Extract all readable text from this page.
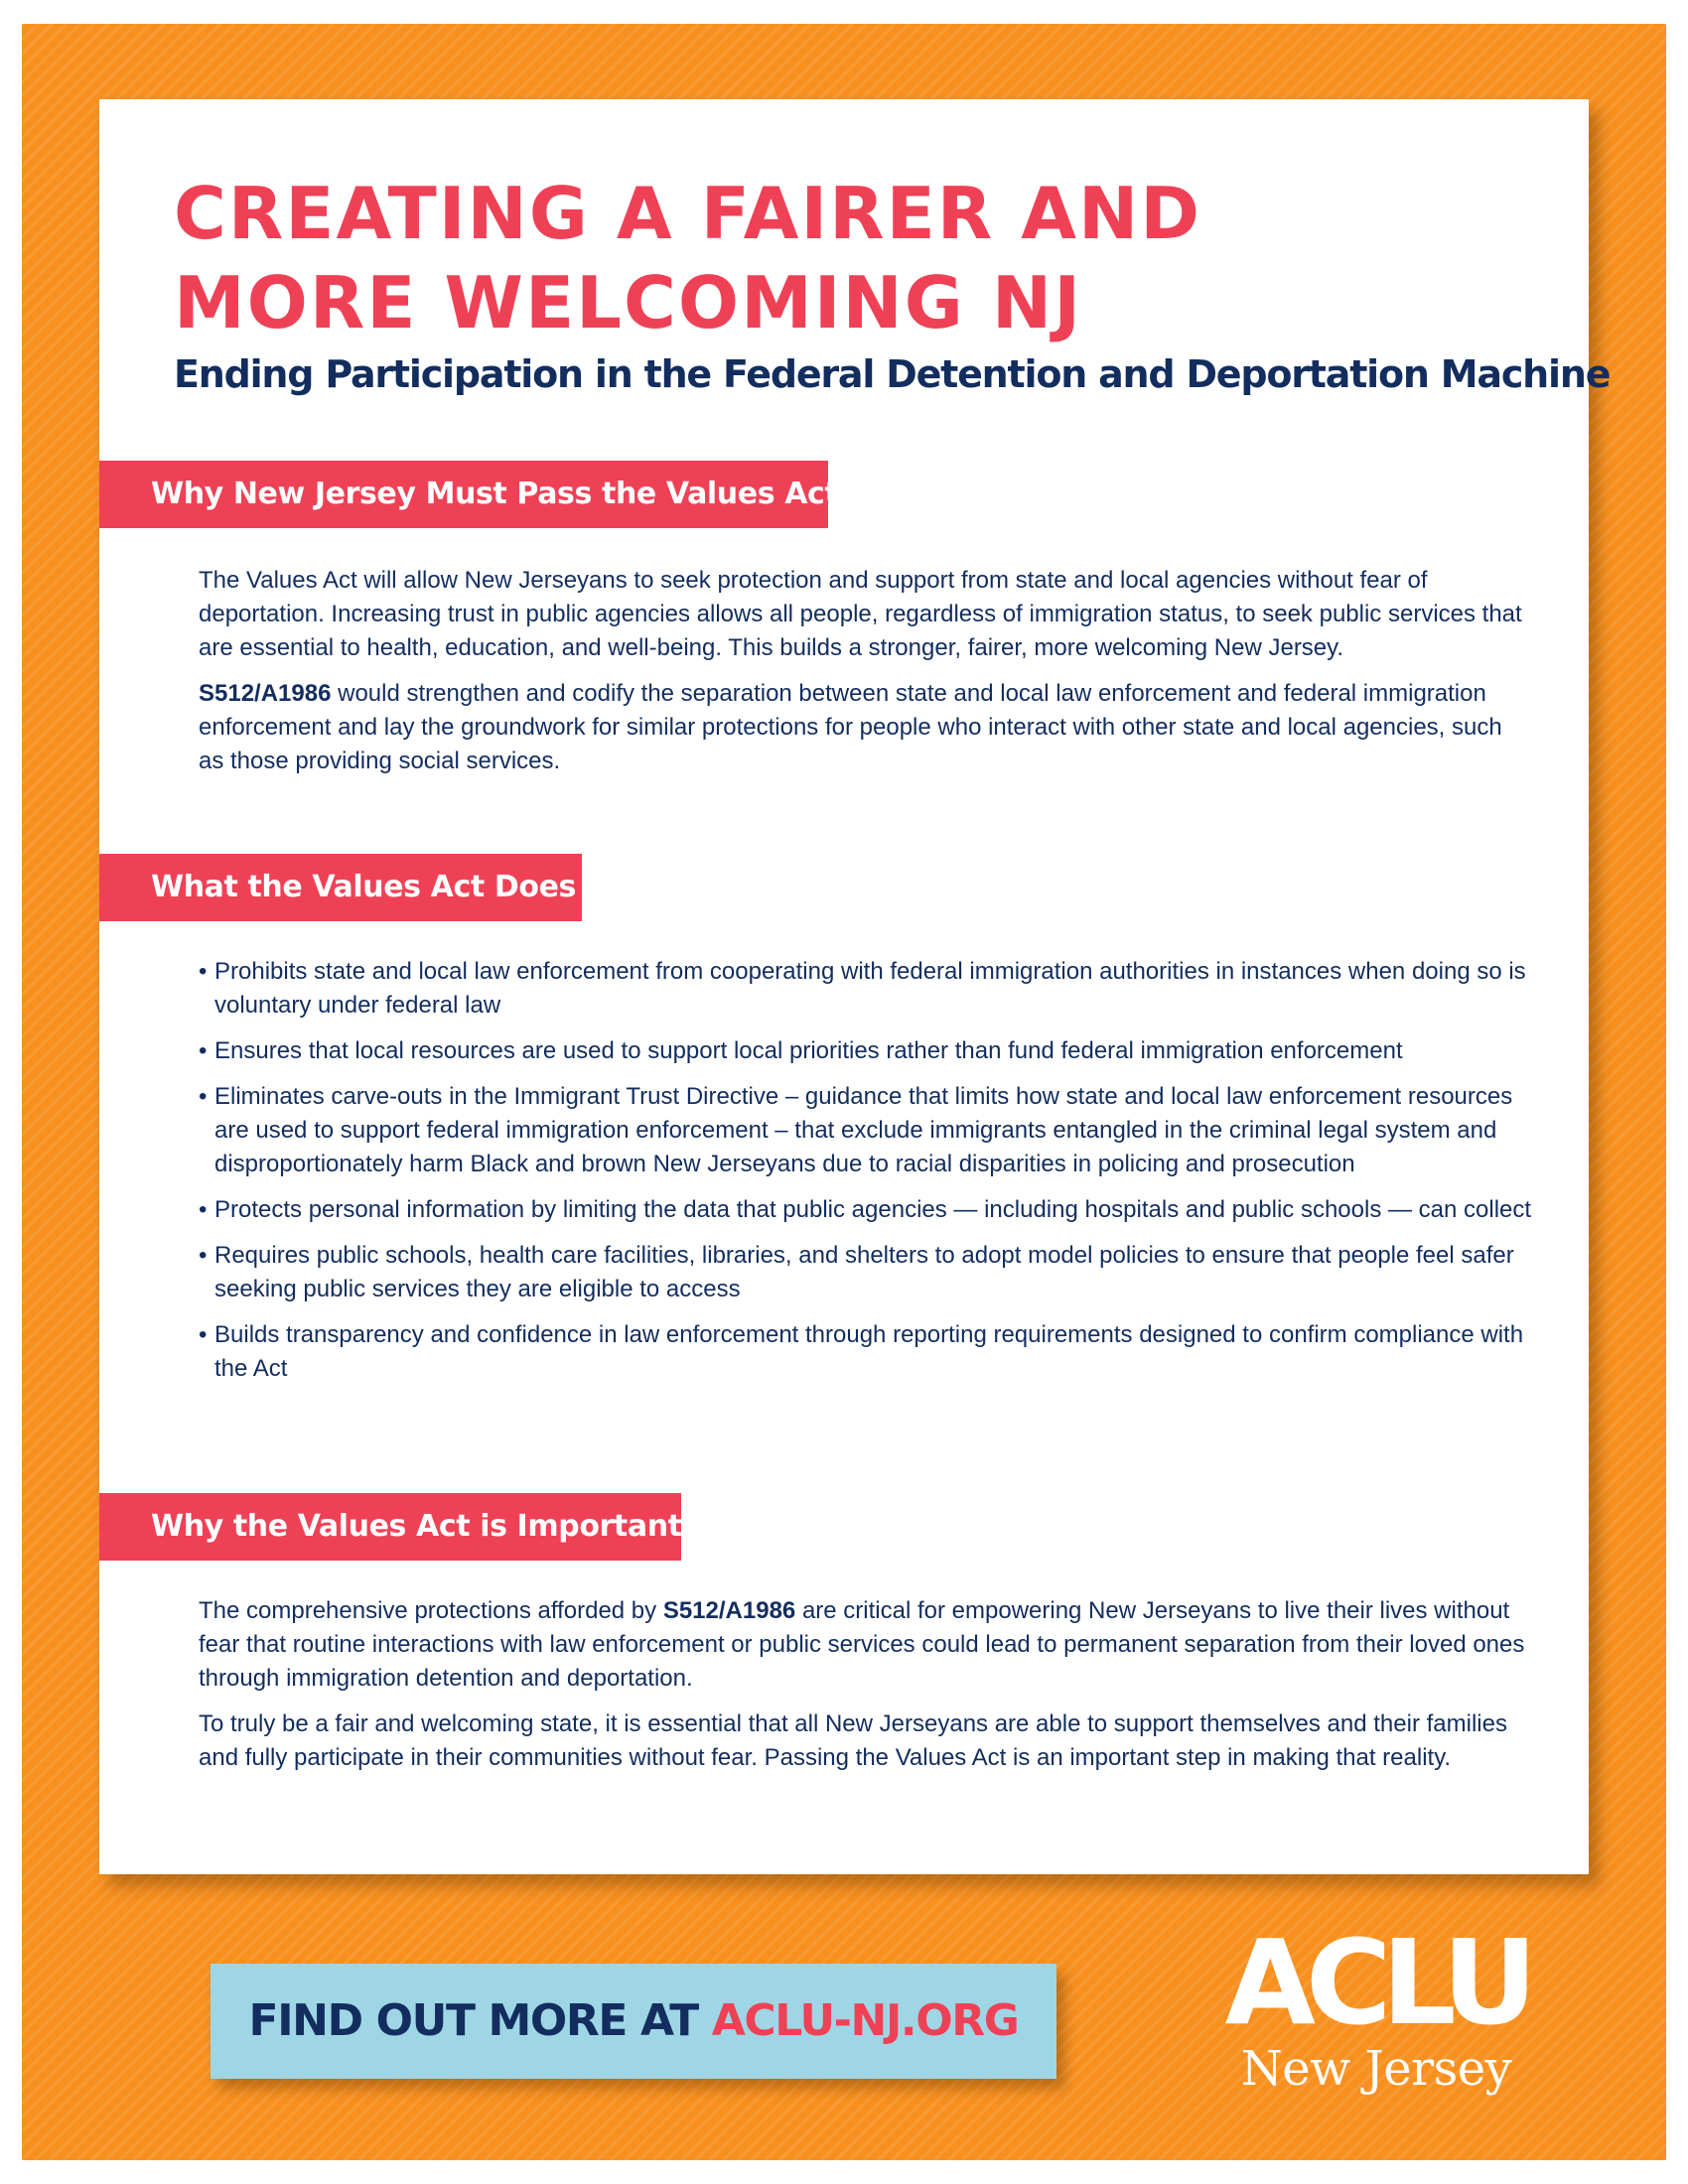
CREATING A FAIRER AND
MORE WELCOMING NJ
Ending Participation in the Federal Detention and Deportation Machine
Why New Jersey Must Pass the Values Act

The Values Act will allow New Jerseyans to seek protection and support from state and local agencies without fear of deportation. Increasing trust in public agencies allows all people, regardless of immigration status, to seek public services that are essential to health, education, and well-being. This builds a stronger, fairer, more welcoming New Jersey.

S512/A1986 would strengthen and codify the separation between state and local law enforcement and federal immigration enforcement and lay the groundwork for similar protections for people who interact with other state and local agencies, such as those providing social services.

What the Values Act Does
• Prohibits state and local law enforcement from cooperating with federal immigration authorities in instances when doing so is voluntary under federal law
• Ensures that local resources are used to support local priorities rather than fund federal immigration enforcement
• Eliminates carve-outs in the Immigrant Trust Directive – guidance that limits how state and local law enforcement resources are used to support federal immigration enforcement – that exclude immigrants entangled in the criminal legal system and disproportionately harm Black and brown New Jerseyans due to racial disparities in policing and prosecution
• Protects personal information by limiting the data that public agencies — including hospitals and public schools — can collect
• Requires public schools, health care facilities, libraries, and shelters to adopt model policies to ensure that people feel safer seeking public services they are eligible to access
• Builds transparency and confidence in law enforcement through reporting requirements designed to confirm compliance with the Act
Why the Values Act is Important

The comprehensive protections afforded by S512/A1986 are critical for empowering New Jerseyans to live their lives without fear that routine interactions with law enforcement or public services could lead to permanent separation from their loved ones through immigration detention and deportation.

To truly be a fair and welcoming state, it is essential that all New Jerseyans are able to support themselves and their families and fully participate in their communities without fear. Passing the Values Act is an important step in making that reality.

FIND OUT MORE AT ACLU-NJ.ORG	ACLU
New Jersey
